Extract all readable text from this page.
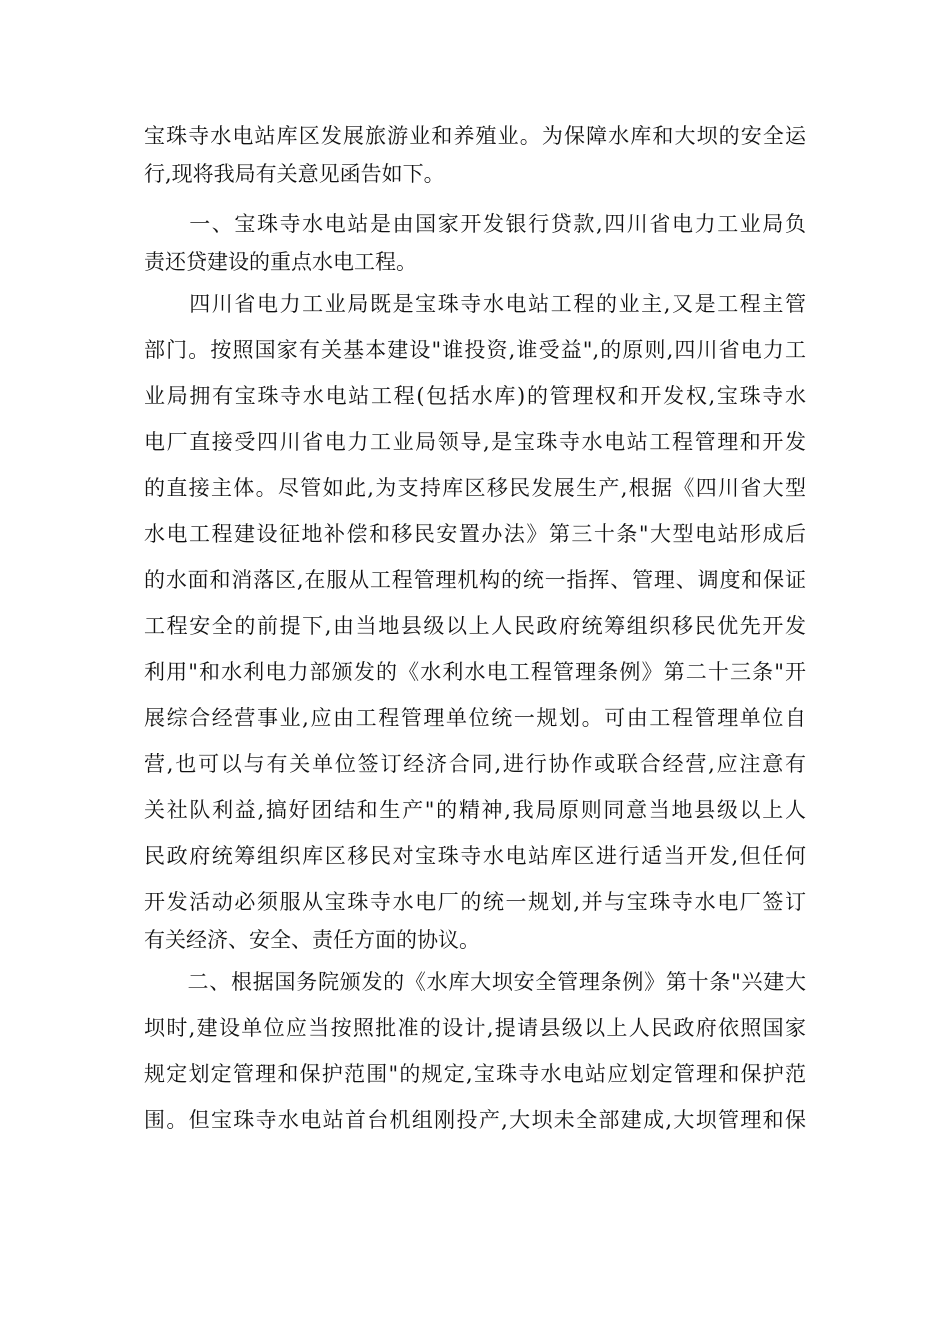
宝珠寺水电站库区发展旅游业和养殖业。为保障水库和大坝的安全运
行,现将我局有关意见函告如下。
　　一、宝珠寺水电站是由国家开发银行贷款,四川省电力工业局负
责还贷建设的重点水电工程。
　　四川省电力工业局既是宝珠寺水电站工程的业主,又是工程主管
部门。按照国家有关基本建设"谁投资,谁受益",的原则,四川省电力工
业局拥有宝珠寺水电站工程(包括水库)的管理权和开发权,宝珠寺水
电厂直接受四川省电力工业局领导,是宝珠寺水电站工程管理和开发
的直接主体。尽管如此,为支持库区移民发展生产,根据《四川省大型
水电工程建设征地补偿和移民安置办法》第三十条"大型电站形成后
的水面和消落区,在服从工程管理机构的统一指挥、管理、调度和保证
工程安全的前提下,由当地县级以上人民政府统筹组织移民优先开发
利用"和水利电力部颁发的《水利水电工程管理条例》第二十三条"开
展综合经营事业,应由工程管理单位统一规划。可由工程管理单位自
营,也可以与有关单位签订经济合同,进行协作或联合经营,应注意有
关社队利益,搞好团结和生产"的精神,我局原则同意当地县级以上人
民政府统筹组织库区移民对宝珠寺水电站库区进行适当开发,但任何
开发活动必须服从宝珠寺水电厂的统一规划,并与宝珠寺水电厂签订
有关经济、安全、责任方面的协议。
　　二、根据国务院颁发的《水库大坝安全管理条例》第十条"兴建大
坝时,建设单位应当按照批准的设计,提请县级以上人民政府依照国家
规定划定管理和保护范围"的规定,宝珠寺水电站应划定管理和保护范
围。但宝珠寺水电站首台机组刚投产,大坝未全部建成,大坝管理和保
